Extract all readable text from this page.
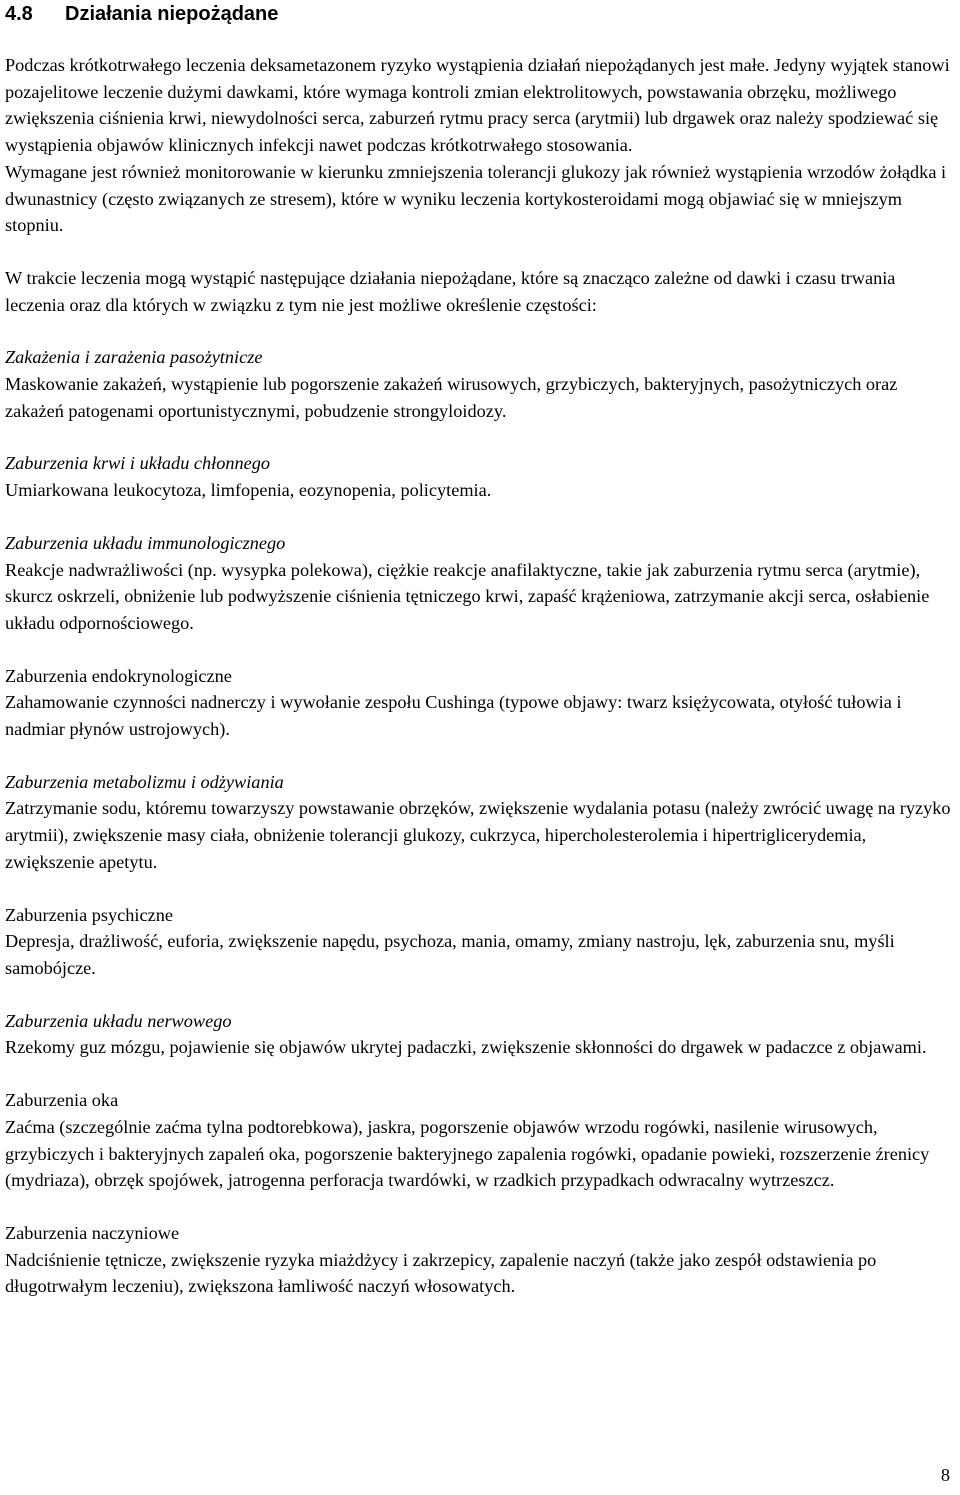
4.8	Działania niepożądane

Podczas krótkotrwałego leczenia deksametazonem ryzyko wystąpienia działań niepożądanych jest małe. Jedyny wyjątek stanowi pozajelitowe leczenie dużymi dawkami, które wymaga kontroli zmian elektrolitowych, powstawania obrzęku, możliwego zwiększenia ciśnienia krwi, niewydolności serca, zaburzeń rytmu pracy serca (arytmii) lub drgawek oraz należy spodziewać się wystąpienia objawów klinicznych infekcji nawet podczas krótkotrwałego stosowania.

Wymagane jest również monitorowanie w kierunku zmniejszenia tolerancji glukozy jak również wystąpienia wrzodów żołądka i dwunastnicy (często związanych ze stresem), które w wyniku leczenia kortykosteroidami mogą objawiać się w mniejszym stopniu.

W trakcie leczenia mogą wystąpić następujące działania niepożądane, które są znacząco zależne od dawki i czasu trwania leczenia oraz dla których w związku z tym nie jest możliwe określenie częstości:

Zakażenia i zarażenia pasożytnicze

Maskowanie zakażeń, wystąpienie lub pogorszenie zakażeń wirusowych, grzybiczych, bakteryjnych, pasożytniczych oraz zakażeń patogenami oportunistycznymi, pobudzenie strongyloidozy.

Zaburzenia krwi i układu chłonnego

Umiarkowana leukocytoza, limfopenia, eozynopenia, policytemia.

Zaburzenia układu immunologicznego

Reakcje nadwrażliwości (np. wysypka polekowa), ciężkie reakcje anafilaktyczne, takie jak zaburzenia rytmu serca (arytmie), skurcz oskrzeli, obniżenie lub podwyższenie ciśnienia tętniczego krwi, zapaść krążeniowa, zatrzymanie akcji serca, osłabienie układu odpornościowego.

Zaburzenia endokrynologiczne

Zahamowanie czynności nadnerczy i wywołanie zespołu Cushinga (typowe objawy: twarz księżycowata, otyłość tułowia i nadmiar płynów ustrojowych).

Zaburzenia metabolizmu i odżywiania

Zatrzymanie sodu, któremu towarzyszy powstawanie obrzęków, zwiększenie wydalania potasu (należy zwrócić uwagę na ryzyko arytmii), zwiększenie masy ciała, obniżenie tolerancji glukozy, cukrzyca, hipercholesterolemia i hipertriglicerydemia, zwiększenie apetytu.

Zaburzenia psychiczne

Depresja, drażliwość, euforia, zwiększenie napędu, psychoza, mania, omamy, zmiany nastroju, lęk, zaburzenia snu, myśli samobójcze.

Zaburzenia układu nerwowego

Rzekomy guz mózgu, pojawienie się objawów ukrytej padaczki, zwiększenie skłonności do drgawek w padaczce z objawami.

Zaburzenia oka

Zaćma (szczególnie zaćma tylna podtorebkowa), jaskra, pogorszenie objawów wrzodu rogówki, nasilenie wirusowych, grzybiczych i bakteryjnych zapaleń oka, pogorszenie bakteryjnego zapalenia rogówki, opadanie powieki, rozszerzenie źrenicy (mydriaza), obrzęk spojówek, jatrogenna perforacja twardówki, w rzadkich przypadkach odwracalny wytrzeszcz.

Zaburzenia naczyniowe

Nadciśnienie tętnicze, zwiększenie ryzyka miażdżycy i zakrzepicy, zapalenie naczyń (także jako zespół odstawienia po długotrwałym leczeniu), zwiększona łamliwość naczyń włosowatych.

8
